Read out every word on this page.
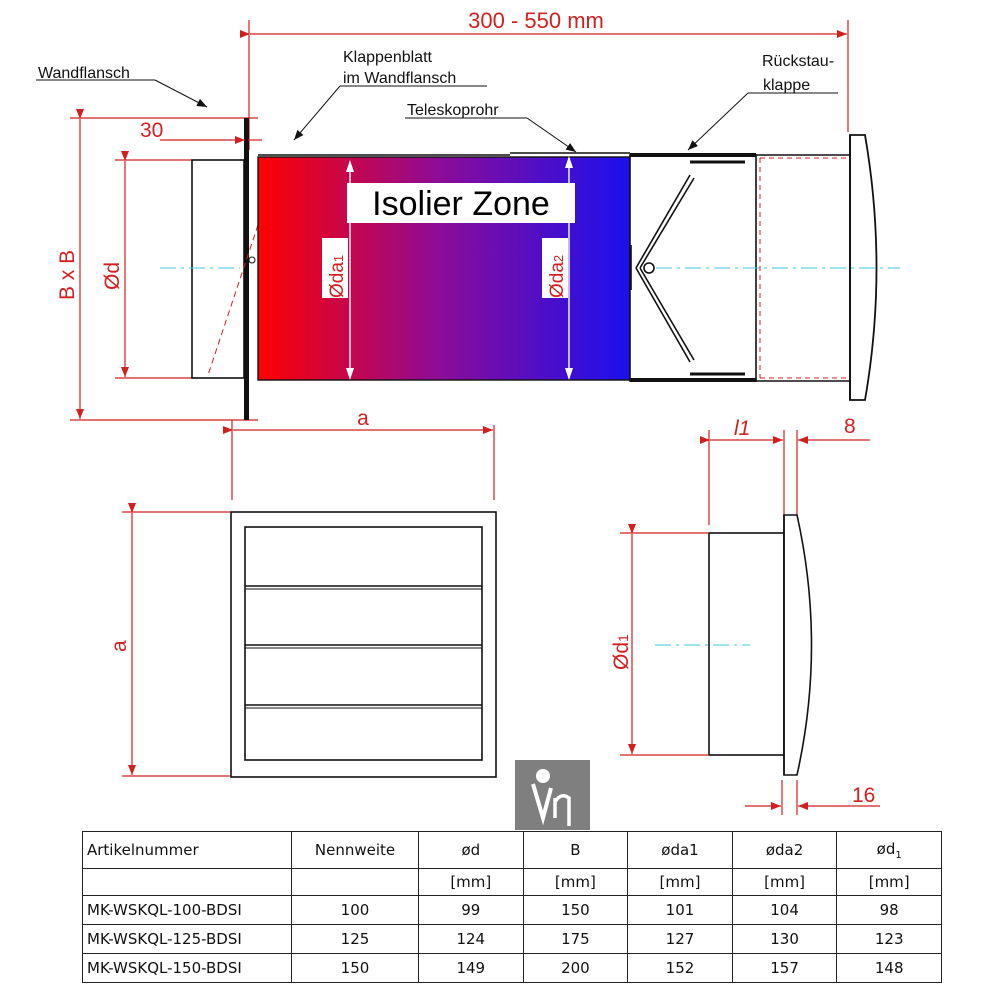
Isolier Zone
Øda1
Øda2
300 - 550 mm
30
B x B Ød
a	l1	8
Ød1
a
16
Wandflansch
Klappenblatt
im Wandflansch
Teleskoprohr
Rückstau-
klappe
Artikelnummer	Nennweite	ød	B	øda1	øda2	$ød_1$
		[mm]	[mm]	[mm]	[mm]	[mm]
MK-WSKQL-100-BDSI	100	99	150	101	104	98
MK-WSKQL-125-BDSI	125	124	175	127	130	123
MK-WSKQL-150-BDSI	150	149	200	152	157	148
